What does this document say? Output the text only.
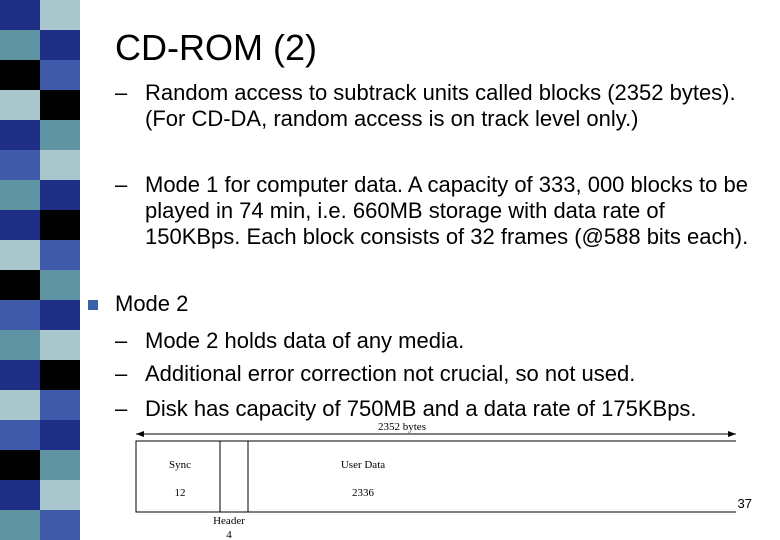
CD-ROM (2)
– Random access to subtrack units called blocks (2352 bytes). (For CD-DA, random access is on track level only.)
– Mode 1 for computer data. A capacity of 333, 000 blocks to be played in 74 min, i.e. 660MB storage with data rate of 150KBps. Each block consists of 32 frames (@588 bits each).
Mode 2
– Mode 2 holds data of any media.
– Additional error correction not crucial, so not used.
– Disk has capacity of 750MB and a data rate of 175KBps.
2352 bytes
Sync
12
User Data
2336
Header
4
37
